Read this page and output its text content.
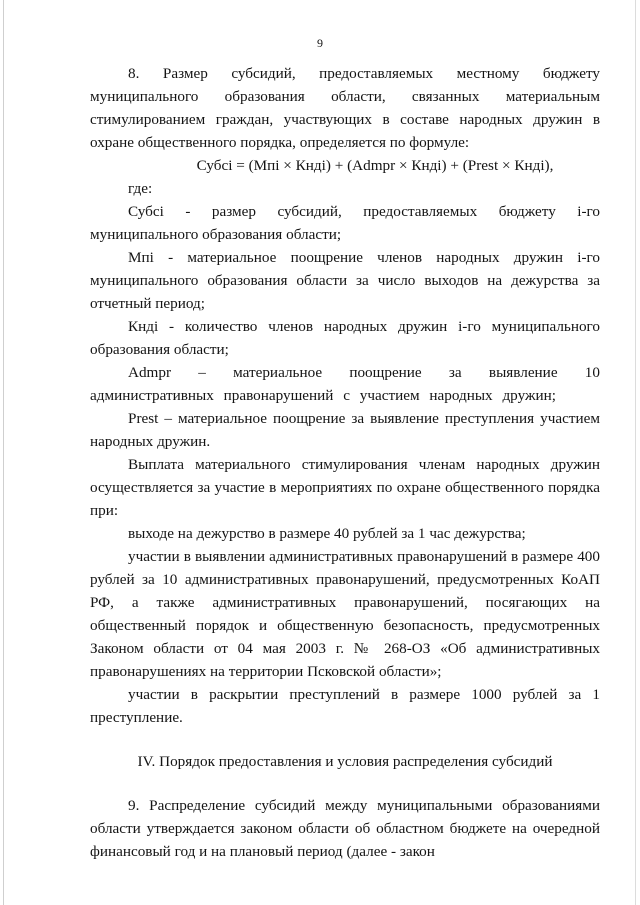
9

8. Размер субсидий, предоставляемых местному бюджету муниципального образования области, связанных материальным стимулированием граждан, участвующих в составе народных дружин в охране общественного порядка, определяется по формуле:

Субсi = (Мпi × Кндi) + (Admpr × Кндi) + (Prest × Кндi),

где:

Субсi - размер субсидий, предоставляемых бюджету i-го муниципального образования области;

Мпi - материальное поощрение членов народных дружин i-го муниципального образования области за число выходов на дежурства за отчетный период;

Кндi - количество членов народных дружин i-го муниципального образования области;

Admpr – материальное поощрение за выявление 10 административных правонарушений с участием народных дружин;

Prest – материальное поощрение за выявление преступления участием народных дружин.

Выплата материального стимулирования членам народных дружин осуществляется за участие в мероприятиях по охране общественного порядка при:

выходе на дежурство в размере 40 рублей за 1 час дежурства;

участии в выявлении административных правонарушений в размере 400 рублей за 10 административных правонарушений, предусмотренных КоАП РФ, а также административных правонарушений, посягающих на общественный порядок и общественную безопасность, предусмотренных Законом области от 04 мая 2003 г. № 268-ОЗ «Об административных правонарушениях на территории Псковской области»;

участии в раскрытии преступлений в размере 1000 рублей за 1 преступление.

IV. Порядок предоставления и условия распределения субсидий

9. Распределение субсидий между муниципальными образованиями области утверждается законом области об областном бюджете на очередной финансовый год и на плановый период (далее - закон
